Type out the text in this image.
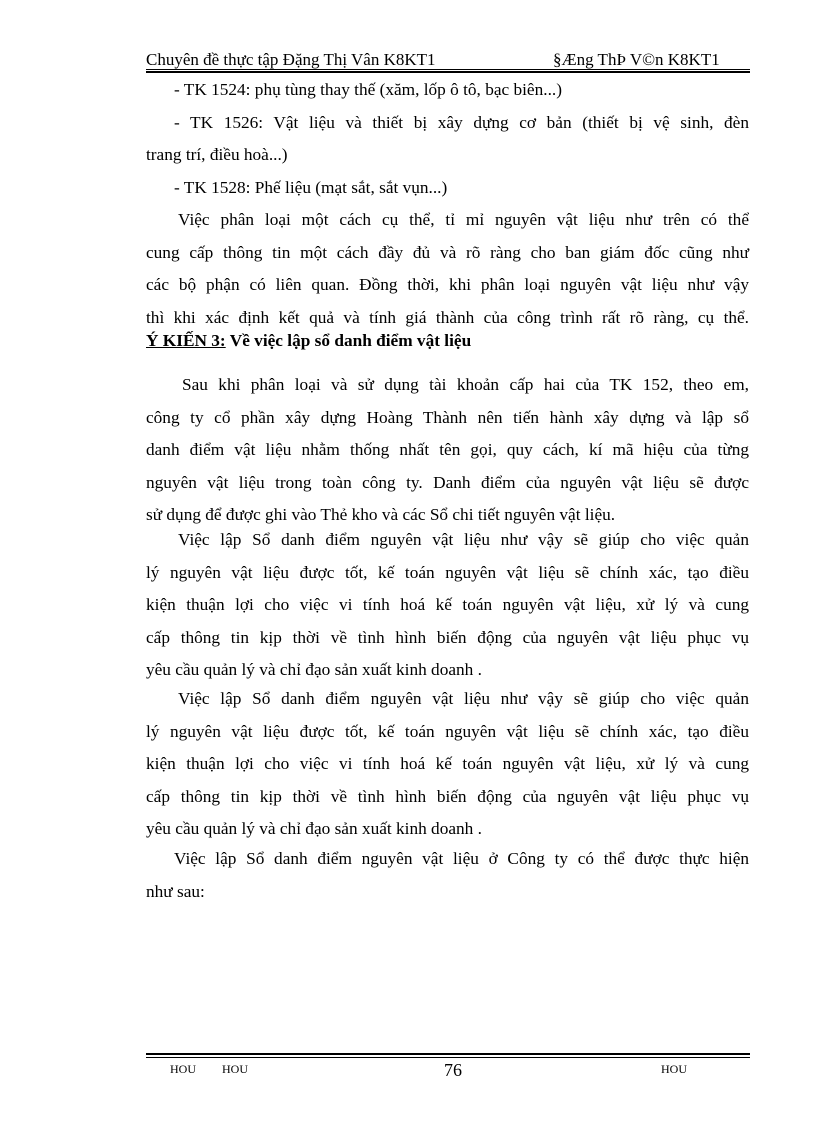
Chuyên đề thực tập Đặng Thị Vân K8KT1	§Æng ThÞ V©n K8KT1
- TK 1524: phụ tùng thay thế (xăm, lốp ô tô, bạc biên...)
- TK 1526: Vật liệu và thiết bị xây dựng cơ bản (thiết bị vệ sinh, đèn
trang trí, điều hoà...)
- TK 1528: Phế liệu (mạt sắt, sắt vụn...)
Việc phân loại một cách cụ thể, tỉ mỉ nguyên vật liệu như trên có thể
cung cấp thông tin một cách đầy đủ và rõ ràng cho ban giám đốc cũng như
các bộ phận có liên quan. Đồng thời, khi phân loại nguyên vật liệu như vậy
thì khi xác định kết quả và tính giá thành của công trình rất rõ ràng, cụ thể.
Ý KIẾN 3: Về việc lập sổ danh điểm vật liệu
Sau khi phân loại và sử dụng tài khoản cấp hai của TK 152, theo em,
công ty cổ phần xây dựng Hoàng Thành nên tiến hành xây dựng và lập sổ
danh điểm vật liệu nhằm thống nhất tên gọi, quy cách, kí mã hiệu của từng
nguyên vật liệu trong toàn công ty. Danh điểm của nguyên vật liệu sẽ được
sử dụng để được ghi vào Thẻ kho và các Sổ chi tiết nguyên vật liệu.
Việc lập Sổ danh điểm nguyên vật liệu như vậy sẽ giúp cho việc quản
lý nguyên vật liệu được tốt, kế toán nguyên vật liệu sẽ chính xác, tạo điều
kiện thuận lợi cho việc vi tính hoá kế toán nguyên vật liệu, xử lý và cung
cấp thông tin kịp thời về tình hình biến động của nguyên vật liệu phục vụ
yêu cầu quản lý và chỉ đạo sản xuất kinh doanh .
Việc lập Sổ danh điểm nguyên vật liệu như vậy sẽ giúp cho việc quản
lý nguyên vật liệu được tốt, kế toán nguyên vật liệu sẽ chính xác, tạo điều
kiện thuận lợi cho việc vi tính hoá kế toán nguyên vật liệu, xử lý và cung
cấp thông tin kịp thời về tình hình biến động của nguyên vật liệu phục vụ
yêu cầu quản lý và chỉ đạo sản xuất kinh doanh .
Việc lập Sổ danh điểm nguyên vật liệu ở Công ty có thể được thực hiện
như sau:
HOU HOU	76	HOU
